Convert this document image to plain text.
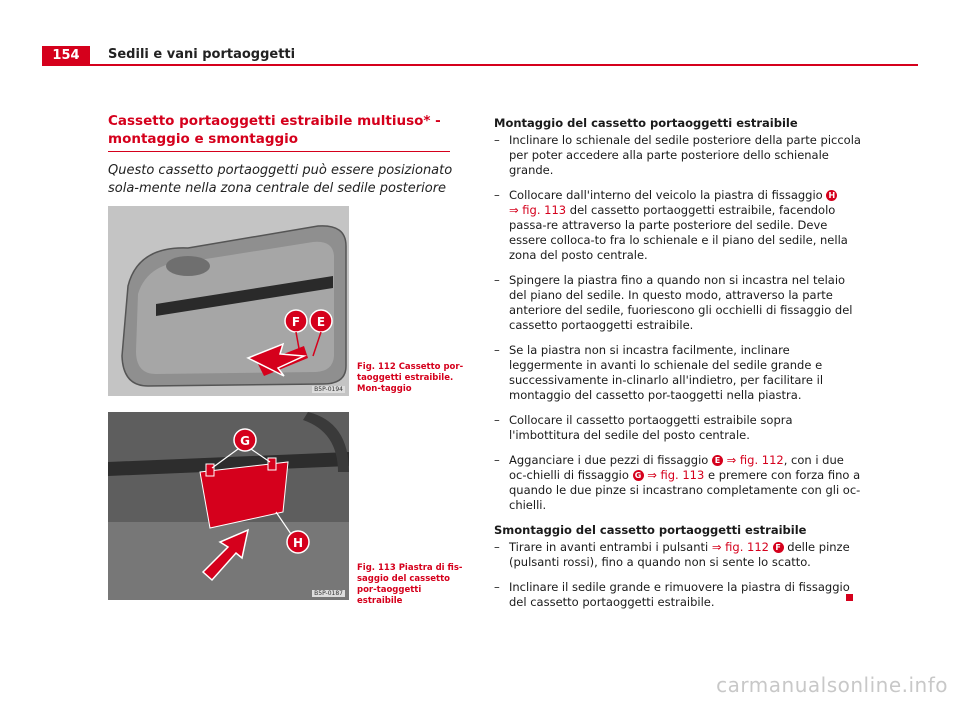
154	Sedili e vani portaoggetti
Cassetto portaoggetti estraibile multiuso* - montaggio e smontaggio
Questo cassetto portaoggetti può essere posizionato sola-mente nella zona centrale del sedile posteriore
F E
B5P-0194
Fig. 112 Cassetto por-taoggetti estraibile. Mon-taggio
G
H
B5P-0187
Fig. 113 Piastra di fis-saggio del cassetto por-taoggetti estraibile

Montaggio del cassetto portaoggetti estraibile

– Inclinare lo schienale del sedile posteriore della parte piccola per poter accedere alla parte posteriore dello schienale grande.
– Collocare dall'interno del veicolo la piastra di fissaggio H
⇒ fig. 113 del cassetto portaoggetti estraibile, facendolo passa-re attraverso la parte posteriore del sedile. Deve essere colloca-to fra lo schienale e il piano del sedile, nella zona del posto centrale.
– Spingere la piastra fino a quando non si incastra nel telaio del piano del sedile. In questo modo, attraverso la parte anteriore del sedile, fuoriescono gli occhielli di fissaggio del cassetto portaoggetti estraibile.
– Se la piastra non si incastra facilmente, inclinare leggermente in avanti lo schienale del sedile grande e successivamente in-clinarlo all'indietro, per facilitare il montaggio del cassetto por-taoggetti nella piastra.
– Collocare il cassetto portaoggetti estraibile sopra l'imbottitura del sedile del posto centrale.
– Agganciare i due pezzi di fissaggio E ⇒ fig. 112, con i due oc-chielli di fissaggio G ⇒ fig. 113 e premere con forza fino a quando le due pinze si incastrano completamente con gli oc-chielli.

Smontaggio del cassetto portaoggetti estraibile

– Tirare in avanti entrambi i pulsanti ⇒ fig. 112 F delle pinze (pulsanti rossi), fino a quando non si sente lo scatto.
– Inclinare il sedile grande e rimuovere la piastra di fissaggio del cassetto portaoggetti estraibile.
carmanualsonline.info
